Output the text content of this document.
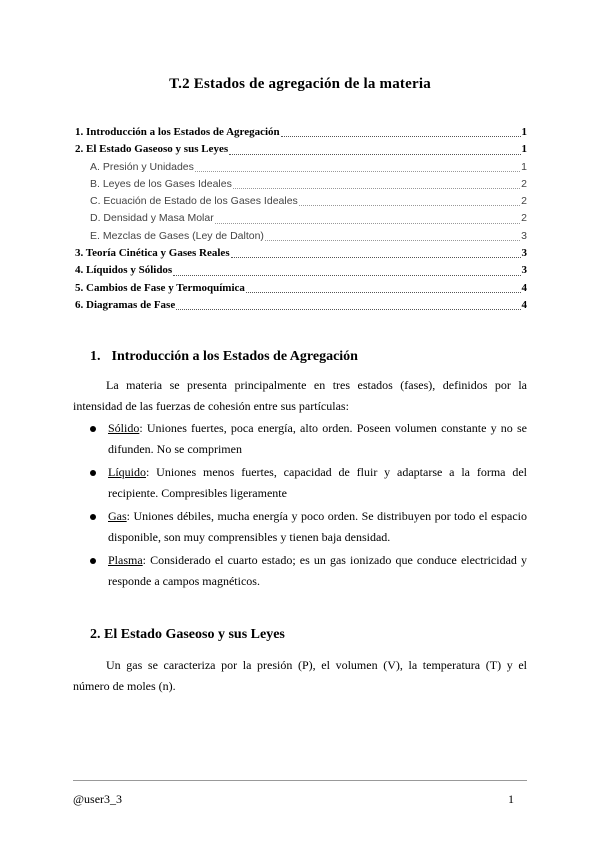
T.2 Estados de agregación de la materia
1. Introducción a los Estados de Agregación	1
2. El Estado Gaseoso y sus Leyes	1
A. Presión y Unidades	1
B. Leyes de los Gases Ideales	2
C. Ecuación de Estado de los Gases Ideales	2
D. Densidad y Masa Molar	2
E. Mezclas de Gases (Ley de Dalton)	3
3. Teoría Cinética y Gases Reales	3
4. Líquidos y Sólidos	3
5. Cambios de Fase y Termoquímica	4
6. Diagramas de Fase	4
1. Introducción a los Estados de Agregación
La materia se presenta principalmente en tres estados (fases), definidos por la intensidad de las fuerzas de cohesión entre sus partículas:
Sólido: Uniones fuertes, poca energía, alto orden. Poseen volumen constante y no se difunden. No se comprimen
Líquido: Uniones menos fuertes, capacidad de fluir y adaptarse a la forma del recipiente. Compresibles ligeramente
Gas: Uniones débiles, mucha energía y poco orden. Se distribuyen por todo el espacio disponible, son muy comprensibles y tienen baja densidad.
Plasma: Considerado el cuarto estado; es un gas ionizado que conduce electricidad y responde a campos magnéticos.
2. El Estado Gaseoso y sus Leyes
Un gas se caracteriza por la presión (P), el volumen (V), la temperatura (T) y el número de moles (n).
@user3_3	1
